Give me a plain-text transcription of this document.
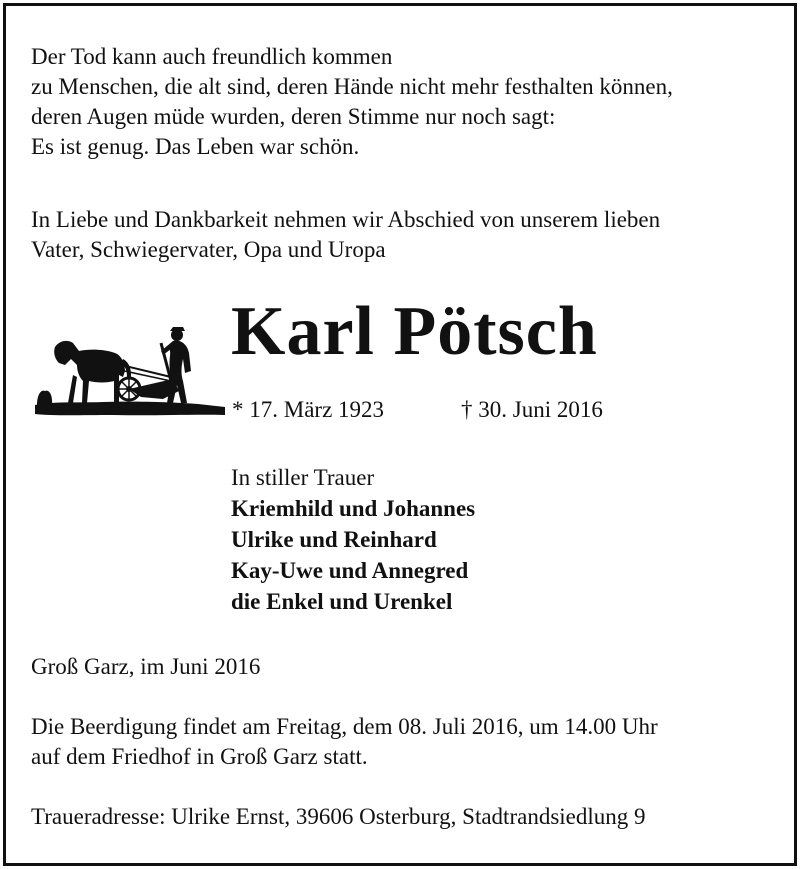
Der Tod kann auch freundlich kommen
zu Menschen, die alt sind, deren Hände nicht mehr festhalten können,
deren Augen müde wurden, deren Stimme nur noch sagt:
Es ist genug. Das Leben war schön.
In Liebe und Dankbarkeit nehmen wir Abschied von unserem lieben
Vater, Schwiegervater, Opa und Uropa
Karl Pötsch
* 17. März 1923	† 30. Juni 2016
In stiller Trauer
Kriemhild und Johannes
Ulrike und Reinhard
Kay-Uwe und Annegred
die Enkel und Urenkel
Groß Garz, im Juni 2016
Die Beerdigung findet am Freitag, dem 08. Juli 2016, um 14.00 Uhr
auf dem Friedhof in Groß Garz statt.
Traueradresse: Ulrike Ernst, 39606 Osterburg, Stadtrandsiedlung 9
